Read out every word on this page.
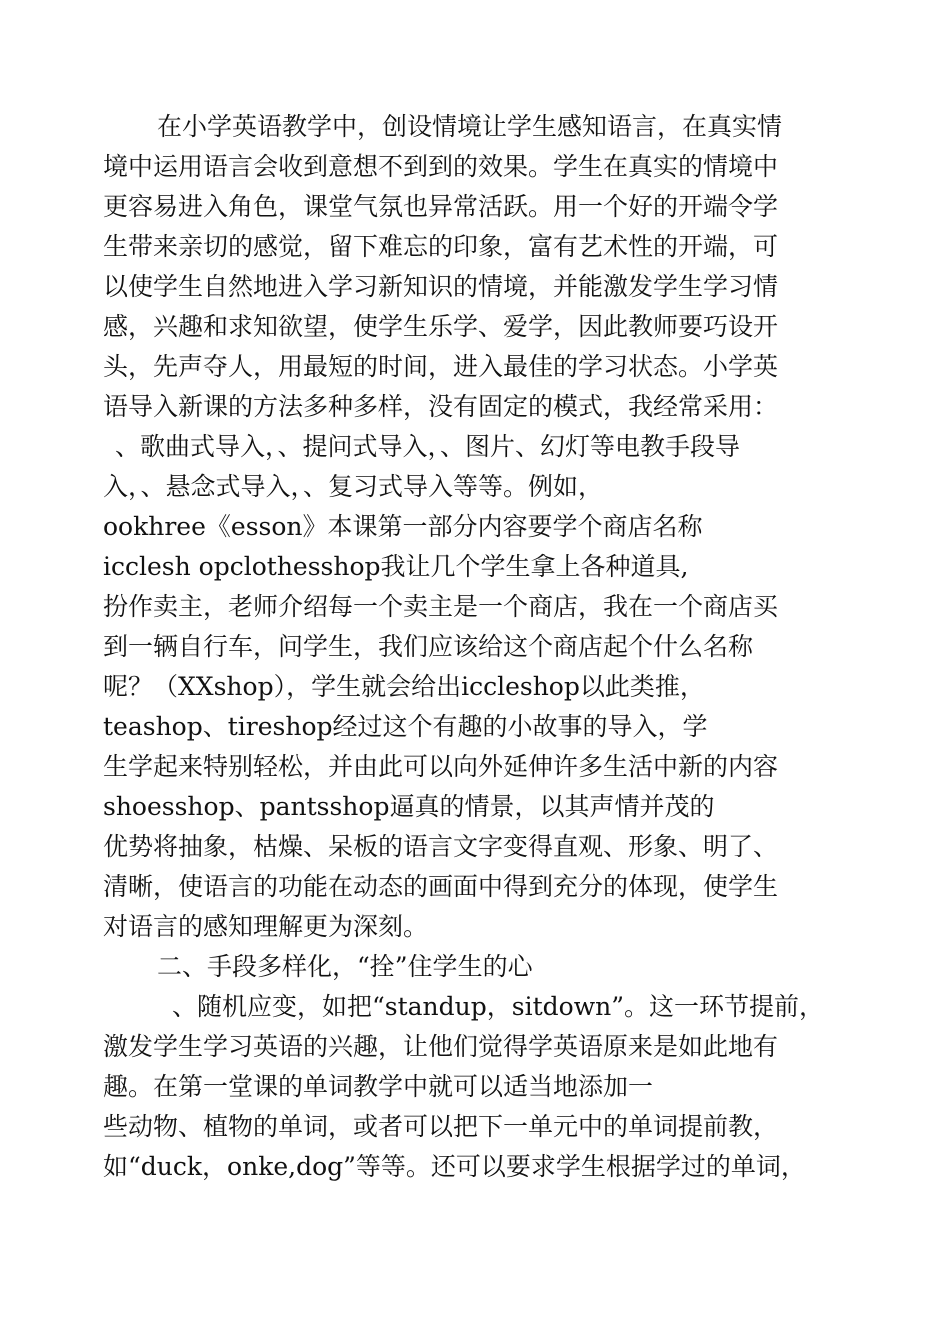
在小学英语教学中，创设情境让学生感知语言，在真实情
境中运用语言会收到意想不到到的效果。学生在真实的情境中
更容易进入角色，课堂气氛也异常活跃。用一个好的开端令学
生带来亲切的感觉，留下难忘的印象，富有艺术性的开端，可
以使学生自然地进入学习新知识的情境，并能激发学生学习情
感，兴趣和求知欲望，使学生乐学、爱学，因此教师要巧设开
头，先声夺人，用最短的时间，进入最佳的学习状态。小学英
语导入新课的方法多种多样，没有固定的模式，我经常采用：
、歌曲式导入，、提问式导入，、图片、幻灯等电教手段导
入，、悬念式导入，、复习式导入等等。例如，
ookhree《esson》本课第一部分内容要学个商店名称
icclesh opclothesshop我让几个学生拿上各种道具,
扮作卖主，老师介绍每一个卖主是一个商店，我在一个商店买
到一辆自行车，问学生，我们应该给这个商店起个什么名称
呢？（XXshop），学生就会给出iccleshop以此类推，
teashop、tireshop经过这个有趣的小故事的导入，学
生学起来特别轻松，并由此可以向外延伸许多生活中新的内容
shoesshop、pantsshop逼真的情景，以其声情并茂的
优势将抽象，枯燥、呆板的语言文字变得直观、形象、明了、
清晰，使语言的功能在动态的画面中得到充分的体现，使学生
对语言的感知理解更为深刻。
二、手段多样化，“拴”住学生的心
、随机应变，如把“standup，sitdown”。这一环节提前，
激发学生学习英语的兴趣，让他们觉得学英语原来是如此地有
趣。在第一堂课的单词教学中就可以适当地添加一
些动物、植物的单词，或者可以把下一单元中的单词提前教，
如“duck，onke,dog”等等。还可以要求学生根据学过的单词，
